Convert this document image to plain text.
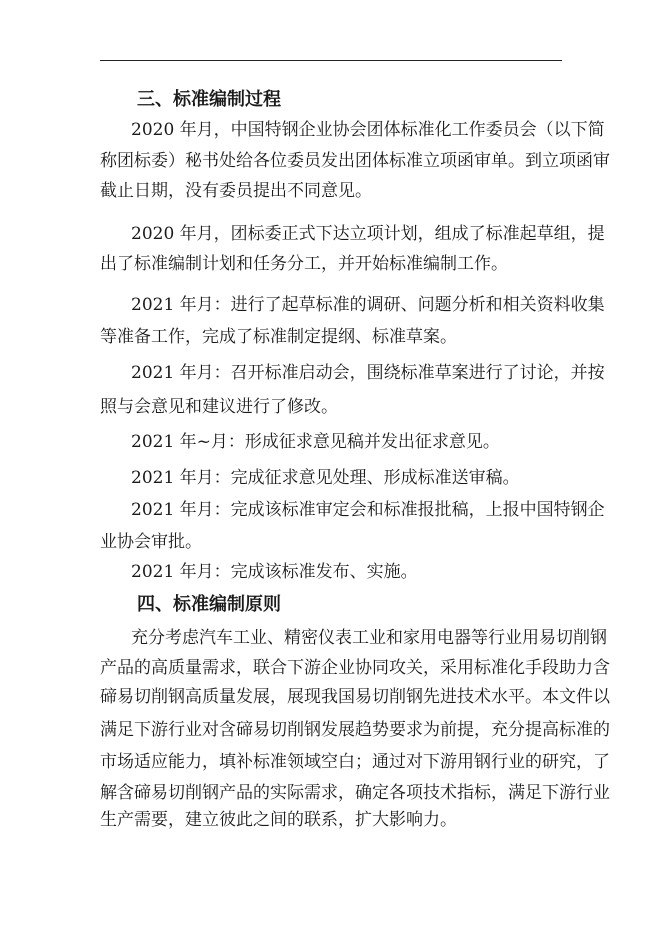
三、标准编制过程
2020 年月，中国特钢企业协会团体标准化工作委员会（以下简
称团标委）秘书处给各位委员发出团体标准立项函审单。到立项函审
截止日期，没有委员提出不同意见。
2020 年月，团标委正式下达立项计划，组成了标准起草组，提
出了标准编制计划和任务分工，并开始标准编制工作。
2021 年月：进行了起草标准的调研、问题分析和相关资料收集
等准备工作，完成了标准制定提纲、标准草案。
2021 年月：召开标准启动会，围绕标准草案进行了讨论，并按
照与会意见和建议进行了修改。
2021 年~月：形成征求意见稿并发出征求意见。
2021 年月：完成征求意见处理、形成标准送审稿。
2021 年月：完成该标准审定会和标准报批稿，上报中国特钢企
业协会审批。
2021 年月：完成该标准发布、实施。
四、标准编制原则
充分考虑汽车工业、精密仪表工业和家用电器等行业用易切削钢
产品的高质量需求，联合下游企业协同攻关，采用标准化手段助力含
碲易切削钢高质量发展，展现我国易切削钢先进技术水平。本文件以
满足下游行业对含碲易切削钢发展趋势要求为前提，充分提高标准的
市场适应能力，填补标准领域空白；通过对下游用钢行业的研究，了
解含碲易切削钢产品的实际需求，确定各项技术指标，满足下游行业
生产需要，建立彼此之间的联系，扩大影响力。
